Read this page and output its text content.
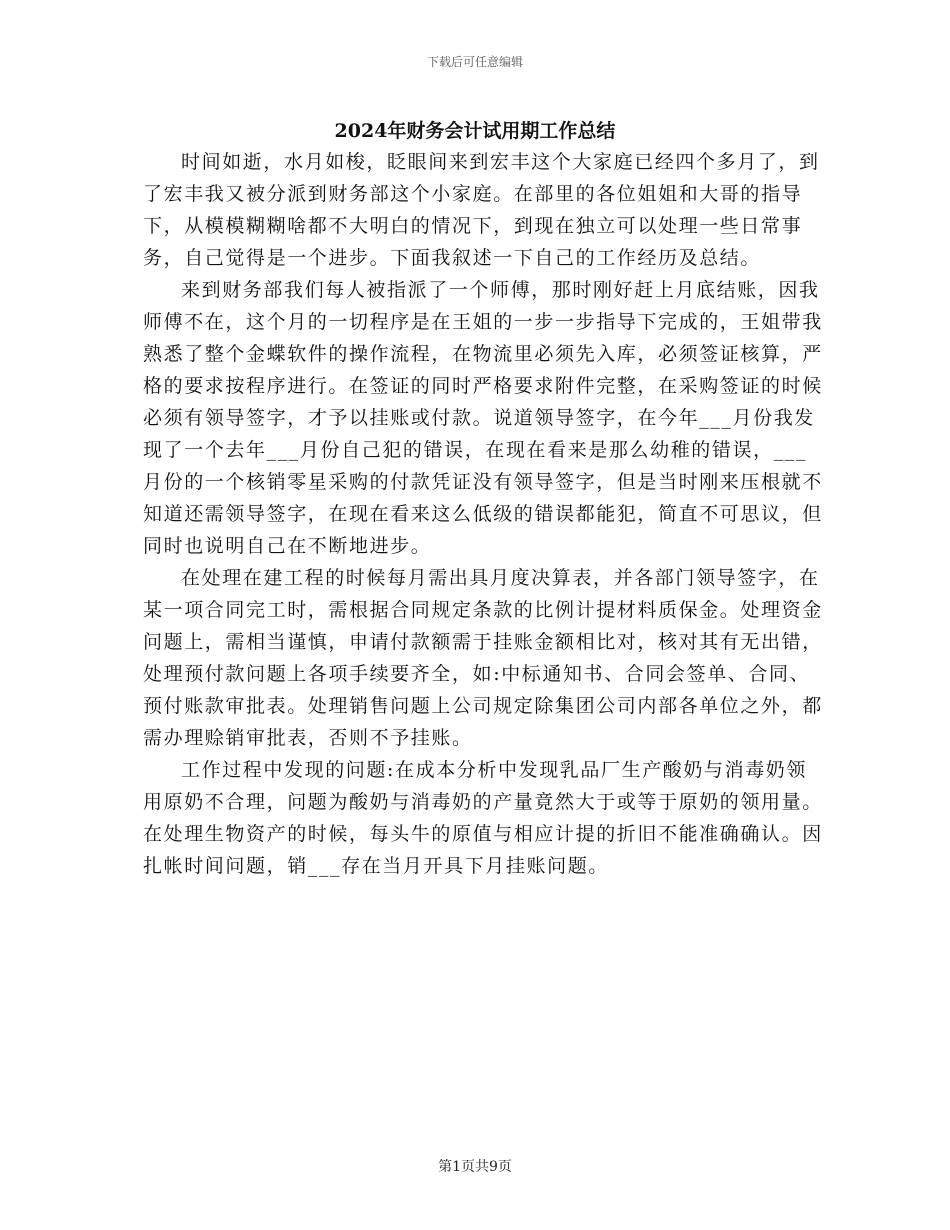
下载后可任意编辑
2024年财务会计试用期工作总结

时间如逝，水月如梭，眨眼间来到宏丰这个大家庭已经四个多月了，到了宏丰我又被分派到财务部这个小家庭。在部里的各位姐姐和大哥的指导下，从模模糊糊啥都不大明白的情况下，到现在独立可以处理一些日常事务，自己觉得是一个进步。下面我叙述一下自己的工作经历及总结。

来到财务部我们每人被指派了一个师傅，那时刚好赶上月底结账，因我师傅不在，这个月的一切程序是在王姐的一步一步指导下完成的，王姐带我熟悉了整个金蝶软件的操作流程，在物流里必须先入库，必须签证核算，严格的要求按程序进行。在签证的同时严格要求附件完整，在采购签证的时候必须有领导签字，才予以挂账或付款。说道领导签字，在今年___月份我发现了一个去年___月份自己犯的错误，在现在看来是那么幼稚的错误，___月份的一个核销零星采购的付款凭证没有领导签字，但是当时刚来压根就不知道还需领导签字，在现在看来这么低级的错误都能犯，简直不可思议，但同时也说明自己在不断地进步。

在处理在建工程的时候每月需出具月度决算表，并各部门领导签字，在某一项合同完工时，需根据合同规定条款的比例计提材料质保金。处理资金问题上，需相当谨慎，申请付款额需于挂账金额相比对，核对其有无出错，处理预付款问题上各项手续要齐全，如:中标通知书、合同会签单、合同、预付账款审批表。处理销售问题上公司规定除集团公司内部各单位之外，都需办理赊销审批表，否则不予挂账。

工作过程中发现的问题:在成本分析中发现乳品厂生产酸奶与消毒奶领用原奶不合理，问题为酸奶与消毒奶的产量竟然大于或等于原奶的领用量。在处理生物资产的时候，每头牛的原值与相应计提的折旧不能准确确认。因扎帐时间问题，销___存在当月开具下月挂账问题。

第1页共9页
